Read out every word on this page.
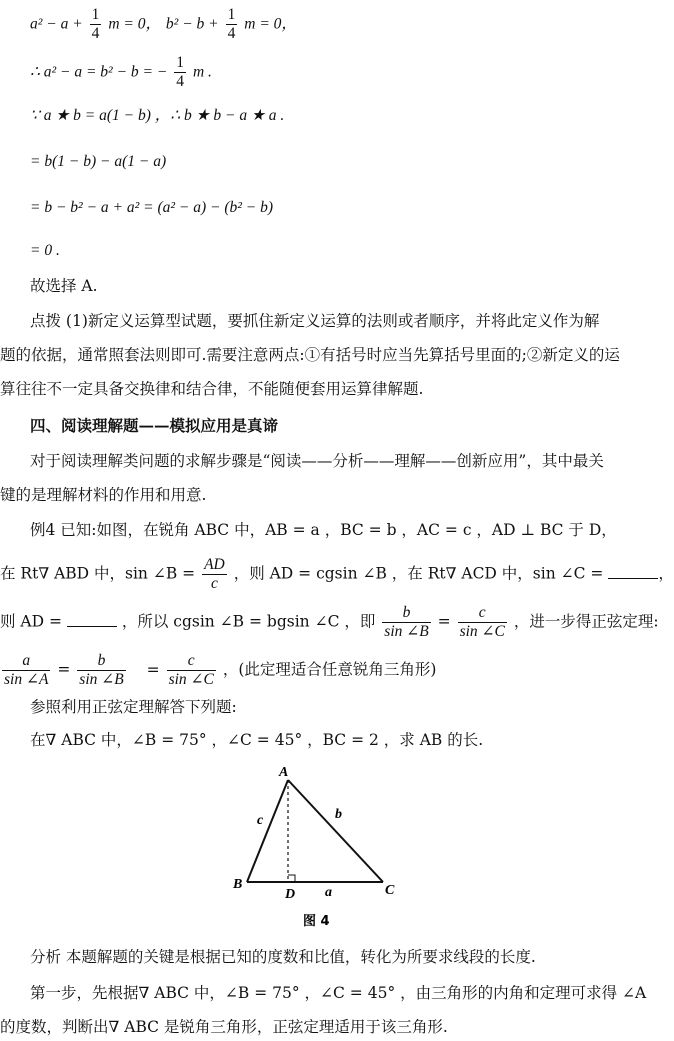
$a^2 - a + \frac{1}{4}$ m = 0， $b^2 - b + \frac{1}{4}$ m = 0，
∴ a² − a = b² − b = − $\frac{1}{4}$ m .
∵ a ★ b = a(1 − b) ，∴ b ★ b − a ★ a .
= b(1 − b) − a(1 − a)
= b − b² − a + a² = (a² − a) − (b² − b)
= 0 .
故选择 A.
点拨 (1)新定义运算型试题，要抓住新定义运算的法则或者顺序，并将此定义作为解
题的依据，通常照套法则即可.需要注意两点:①有括号时应当先算括号里面的;②新定义的运
算往往不一定具备交换律和结合律，不能随便套用运算律解题.
四、阅读理解题——模拟应用是真谛
对于阅读理解类问题的求解步骤是“阅读——分析——理解——创新应用”，其中最关
键的是理解材料的作用和用意.
例4 已知:如图，在锐角 ABC 中，AB = a ，BC = b ，AC = c ，AD ⊥ BC 于 D，
在 Rt∇ ABD 中，sin ∠B = $\frac{AD}{c}$ ，则 AD = cgsin ∠B ，在 Rt∇ ACD 中，sin ∠C =	，
则 AD =	，所以 cgsin ∠B = bgsin ∠C ，即 $\frac{b}{\sin \angle B} = \frac{c}{\sin \angle C}$ ，进一步得正弦定理:
$\frac{a}{\sin \angle A} = \frac{b}{\sin \angle B} = \frac{c}{\sin \angle C}$ ，(此定理适合任意锐角三角形)
参照利用正弦定理解答下列题:
在∇ ABC 中，∠B = 75° ，∠C = 45° ，BC = 2 ，求 AB 的长.
A
B	C
D a
b
c
图 4
分析 本题解题的关键是根据已知的度数和比值，转化为所要求线段的长度.
第一步，先根据∇ ABC 中，∠B = 75° ，∠C = 45° ，由三角形的内角和定理可求得 ∠A
的度数，判断出∇ ABC 是锐角三角形，正弦定理适用于该三角形.
